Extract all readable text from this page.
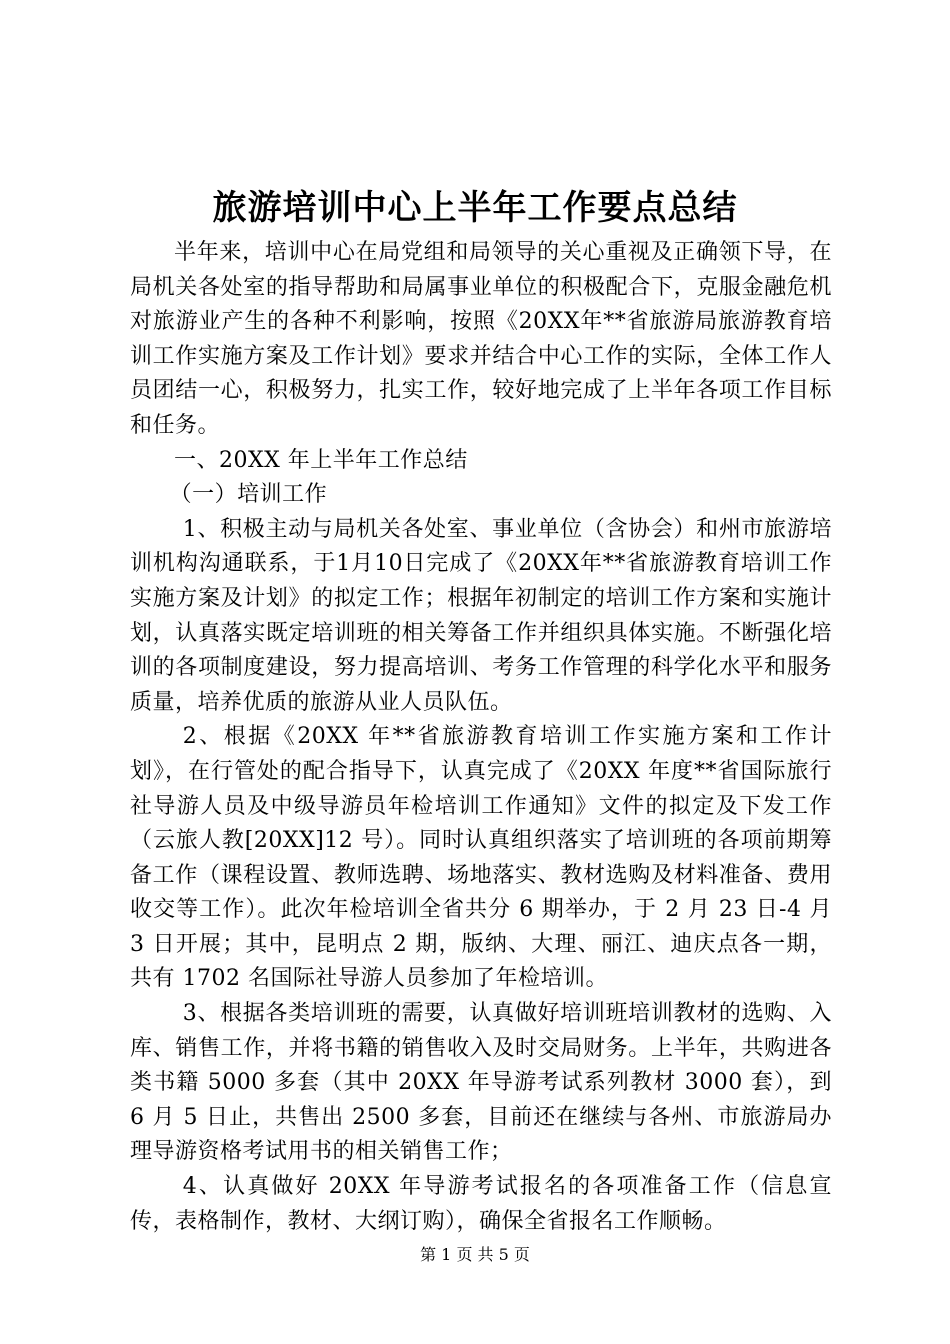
旅游培训中心上半年工作要点总结

半年来，培训中心在局党组和局领导的关心重视及正确领下导，在局机关各处室的指导帮助和局属事业单位的积极配合下，克服金融危机对旅游业产生的各种不利影响，按照《20XX年**省旅游局旅游教育培训工作实施方案及工作计划》要求并结合中心工作的实际，全体工作人员团结一心，积极努力，扎实工作，较好地完成了上半年各项工作目标和任务。

一、20XX 年上半年工作总结

（一）培训工作

1、积极主动与局机关各处室、事业单位（含协会）和州市旅游培训机构沟通联系，于1月10日完成了《20XX年**省旅游教育培训工作实施方案及计划》的拟定工作；根据年初制定的培训工作方案和实施计划，认真落实既定培训班的相关筹备工作并组织具体实施。不断强化培训的各项制度建设，努力提高培训、考务工作管理的科学化水平和服务质量，培养优质的旅游从业人员队伍。

2、根据《20XX 年**省旅游教育培训工作实施方案和工作计划》，在行管处的配合指导下，认真完成了《20XX 年度**省国际旅行社导游人员及中级导游员年检培训工作通知》文件的拟定及下发工作（云旅人教[20XX]12 号）。同时认真组织落实了培训班的各项前期筹备工作（课程设置、教师选聘、场地落实、教材选购及材料准备、费用收交等工作）。此次年检培训全省共分 6 期举办，于 2 月 23 日-4 月 3 日开展；其中，昆明点 2 期，版纳、大理、丽江、迪庆点各一期，共有 1702 名国际社导游人员参加了年检培训。

3、根据各类培训班的需要，认真做好培训班培训教材的选购、入库、销售工作，并将书籍的销售收入及时交局财务。上半年，共购进各类书籍 5000 多套（其中 20XX 年导游考试系列教材 3000 套），到 6 月 5 日止，共售出 2500 多套，目前还在继续与各州、市旅游局办理导游资格考试用书的相关销售工作；

4、认真做好 20XX 年导游考试报名的各项准备工作（信息宣传，表格制作，教材、大纲订购），确保全省报名工作顺畅。

第 1 页 共 5 页
